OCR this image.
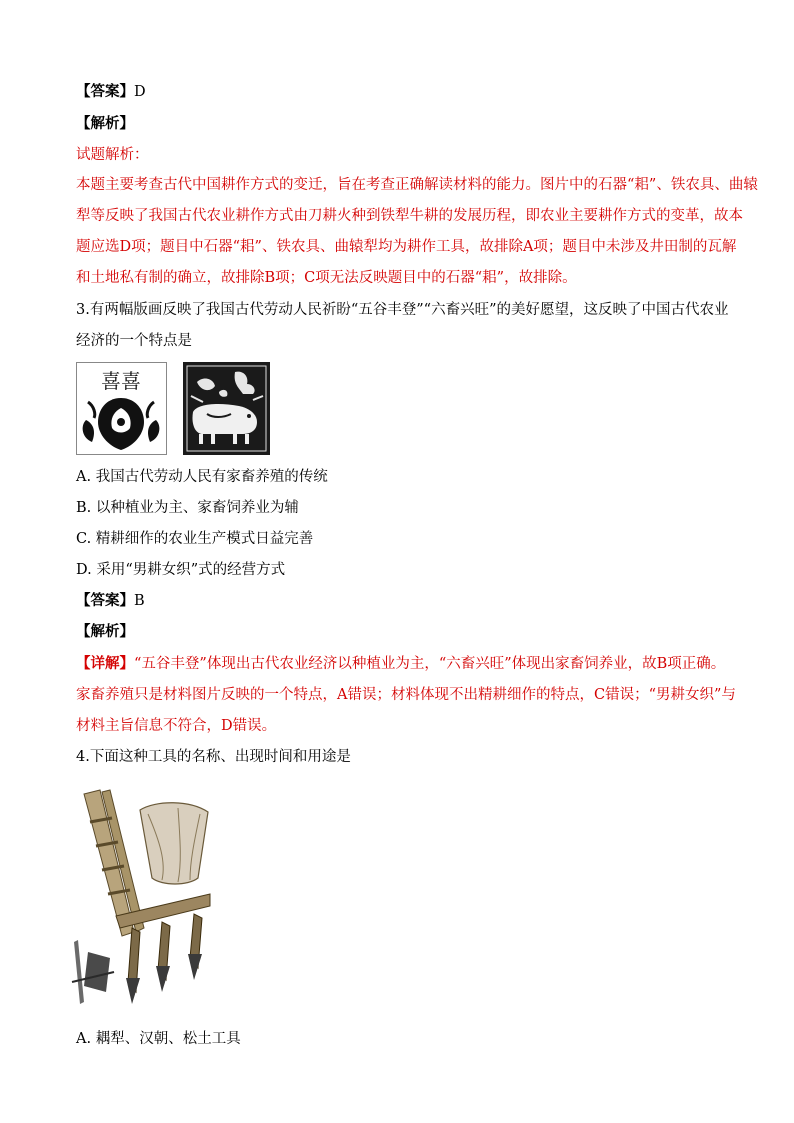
【答案】D
【解析】
试题解析：
本题主要考查古代中国耕作方式的变迁，旨在考查正确解读材料的能力。图片中的石器“耜”、铁农具、曲辕
犁等反映了我国古代农业耕作方式由刀耕火种到铁犁牛耕的发展历程，即农业主要耕作方式的变革，故本
题应选D项；题目中石器“耜”、铁农具、曲辕犁均为耕作工具，故排除A项；题目中未涉及井田制的瓦解
和土地私有制的确立，故排除B项；C项无法反映题目中的石器“耜”，故排除。
3.有两幅版画反映了我国古代劳动人民祈盼“五谷丰登”“六畜兴旺”的美好愿望，这反映了中国古代农业
经济的一个特点是
喜喜
A. 我国古代劳动人民有家畜养殖的传统
B. 以种植业为主、家畜饲养业为辅
C. 精耕细作的农业生产模式日益完善
D. 采用“男耕女织”式的经营方式
【答案】B
【解析】
【详解】“五谷丰登”体现出古代农业经济以种植业为主，“六畜兴旺”体现出家畜饲养业，故B项正确。
家畜养殖只是材料图片反映的一个特点，A错误；材料体现不出精耕细作的特点，C错误；“男耕女织”与
材料主旨信息不符合，D错误。
4.下面这种工具的名称、出现时间和用途是
A. 耦犁、汉朝、松土工具
